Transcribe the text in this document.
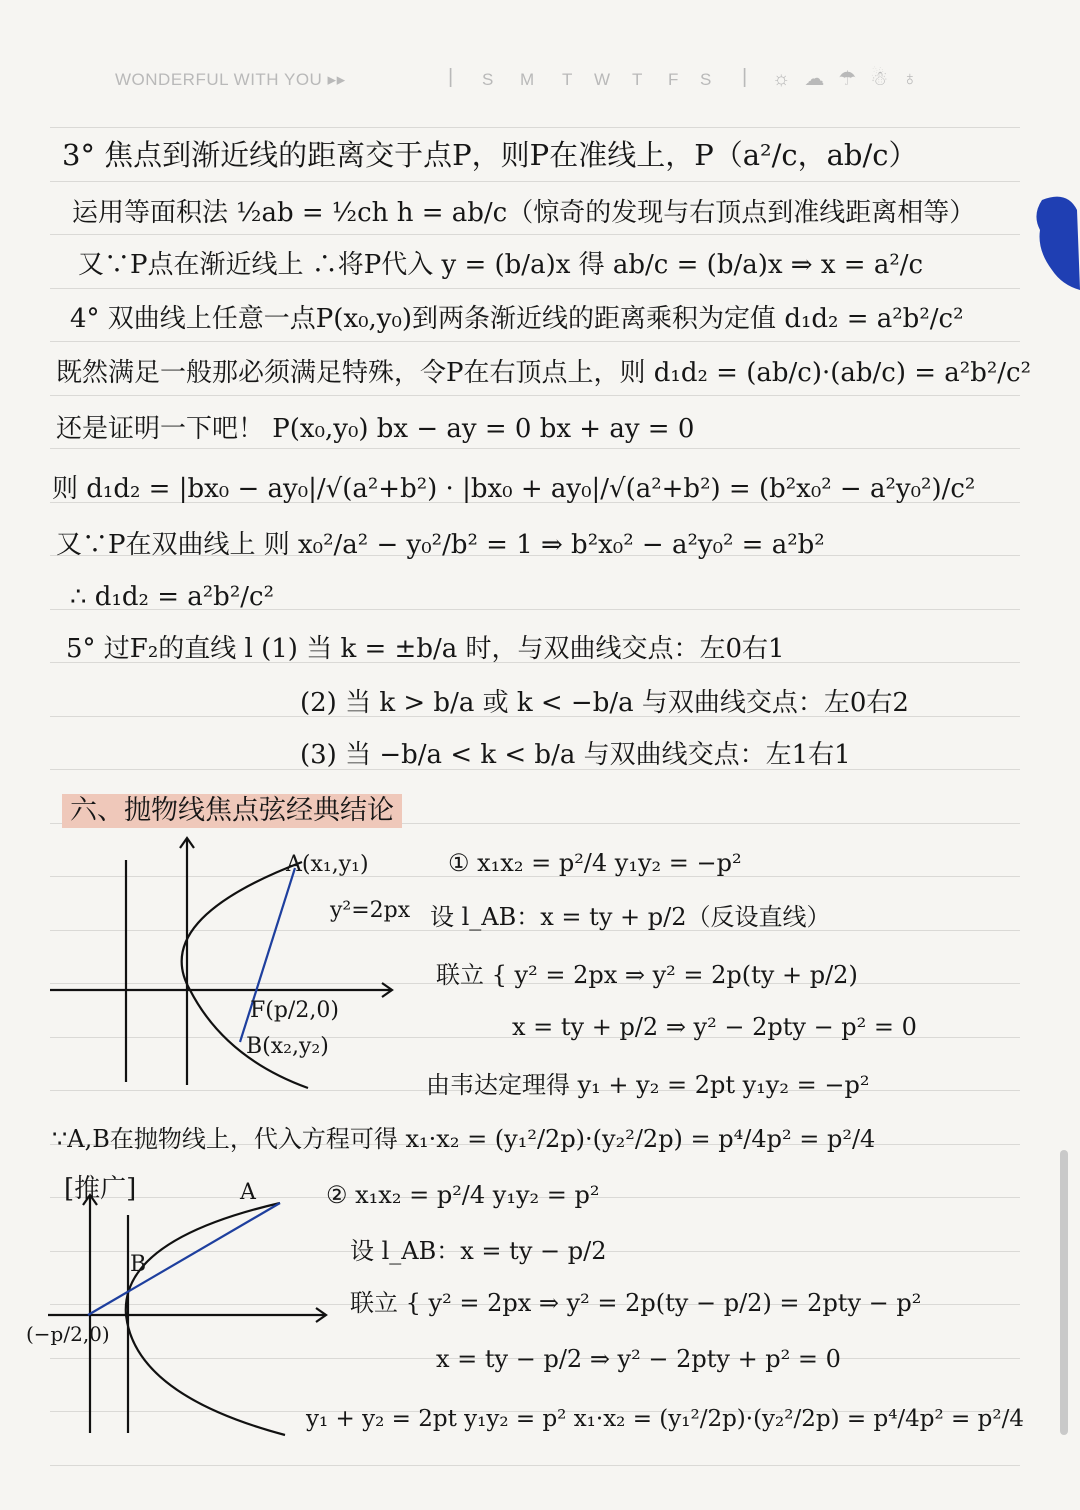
WONDERFUL WITH YOU ▸▸	| S M T W T F S | ☼☁☂☃♁
3° 焦点到渐近线的距离交于点P，则P在准线上，P（a²/c，ab/c）
运用等面积法 ½ab = ½ch h = ab/c（惊奇的发现与右顶点到准线距离相等）
又∵P点在渐近线上 ∴将P代入 y = (b/a)x 得 ab/c = (b/a)x ⇒ x = a²/c
4° 双曲线上任意一点P(x₀,y₀)到两条渐近线的距离乘积为定值 d₁d₂ = a²b²/c²
既然满足一般那必须满足特殊，令P在右顶点上，则 d₁d₂ = (ab/c)·(ab/c) = a²b²/c²
还是证明一下吧！ P(x₀,y₀) bx − ay = 0 bx + ay = 0
则 d₁d₂ = |bx₀ − ay₀|/√(a²+b²) · |bx₀ + ay₀|/√(a²+b²) = (b²x₀² − a²y₀²)/c²
又∵P在双曲线上 则 x₀²/a² − y₀²/b² = 1 ⇒ b²x₀² − a²y₀² = a²b²
∴ d₁d₂ = a²b²/c²
5° 过F₂的直线 l (1) 当 k = ±b/a 时，与双曲线交点：左0右1
(2) 当 k > b/a 或 k < −b/a 与双曲线交点：左0右2
(3) 当 −b/a < k < b/a 与双曲线交点：左1右1
六、抛物线焦点弦经典结论
A(x₁,y₁)
y²=2px
F(p/2,0)
B(x₂,y₂)
① x₁x₂ = p²/4 y₁y₂ = −p²
设 l_AB：x = ty + p/2（反设直线）
联立 { y² = 2px ⇒ y² = 2p(ty + p/2)
x = ty + p/2 ⇒ y² − 2pty − p² = 0
由韦达定理得 y₁ + y₂ = 2pt y₁y₂ = −p²
∵A,B在抛物线上，代入方程可得 x₁·x₂ = (y₁²/2p)·(y₂²/2p) = p⁴/4p² = p²/4
[推广]	A
B
(−p/2,0)
② x₁x₂ = p²/4 y₁y₂ = p²
设 l_AB：x = ty − p/2
联立 { y² = 2px ⇒ y² = 2p(ty − p/2) = 2pty − p²
x = ty − p/2 ⇒ y² − 2pty + p² = 0
y₁ + y₂ = 2pt y₁y₂ = p² x₁·x₂ = (y₁²/2p)·(y₂²/2p) = p⁴/4p² = p²/4
